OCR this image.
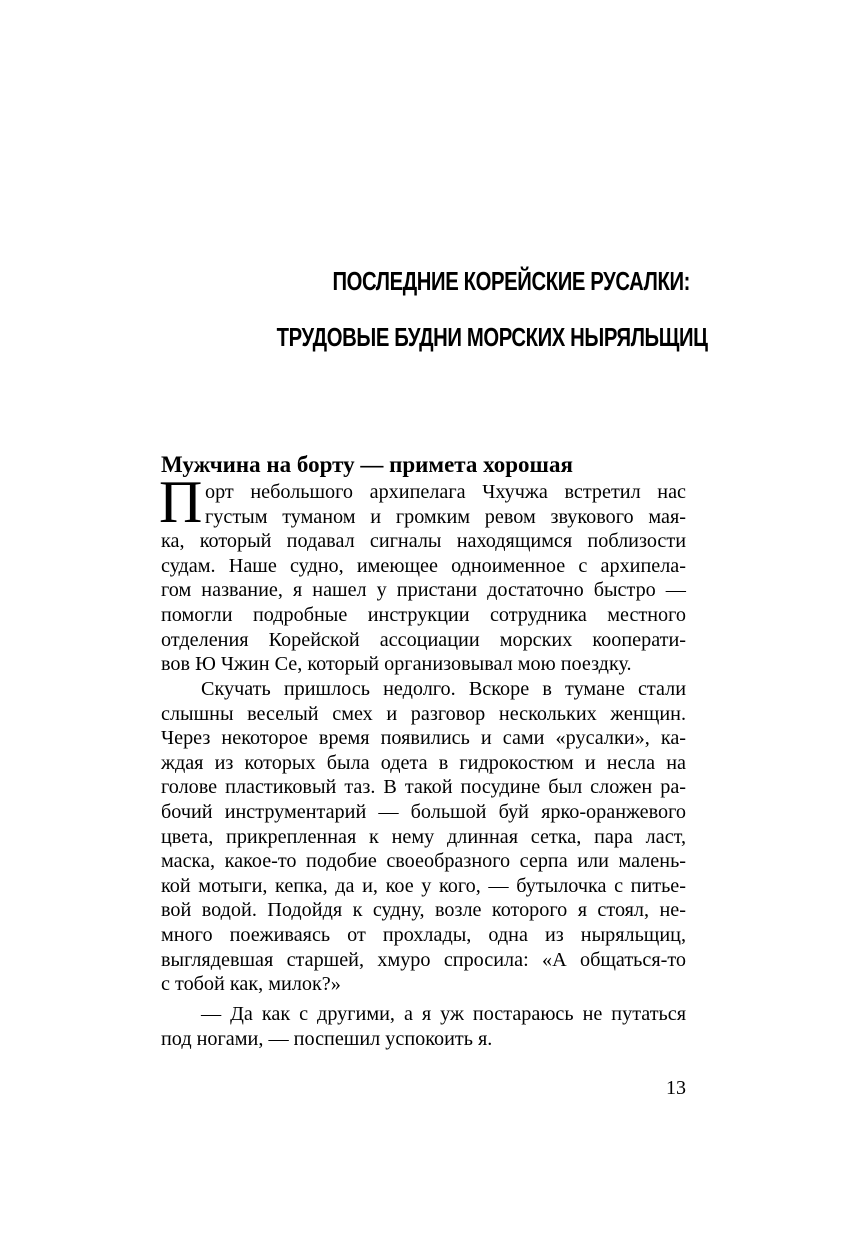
ПОСЛЕДНИЕ КОРЕЙСКИЕ РУСАЛКИ:
ТРУДОВЫЕ БУДНИ МОРСКИХ НЫРЯЛЬЩИЦ
Мужчина на борту — примета хорошая
П орт небольшого архипелага Чхучжа встретил нас
густым туманом и громким ревом звукового мая-
ка, который подавал сигналы находящимся поблизости
судам. Наше судно, имеющее одноименное с архипела-
гом название, я нашел у пристани достаточно быстро —
помогли подробные инструкции сотрудника местного
отделения Корейской ассоциации морских кооперати-
вов Ю Чжин Се, который организовывал мою поездку.
Скучать пришлось недолго. Вскоре в тумане стали
слышны веселый смех и разговор нескольких женщин.
Через некоторое время появились и сами «русалки», ка-
ждая из которых была одета в гидрокостюм и несла на
голове пластиковый таз. В такой посудине был сложен ра-
бочий инструментарий — большой буй ярко-оранжевого
цвета, прикрепленная к нему длинная сетка, пара ласт,
маска, какое-то подобие своеобразного серпа или малень-
кой мотыги, кепка, да и, кое у кого, — бутылочка с питье-
вой водой. Подойдя к судну, возле которого я стоял, не-
много поеживаясь от прохлады, одна из ныряльщиц,
выглядевшая старшей, хмуро спросила: «А общаться-то
с тобой как, милок?»
— Да как с другими, а я уж постараюсь не путаться
под ногами, — поспешил успокоить я.
13
